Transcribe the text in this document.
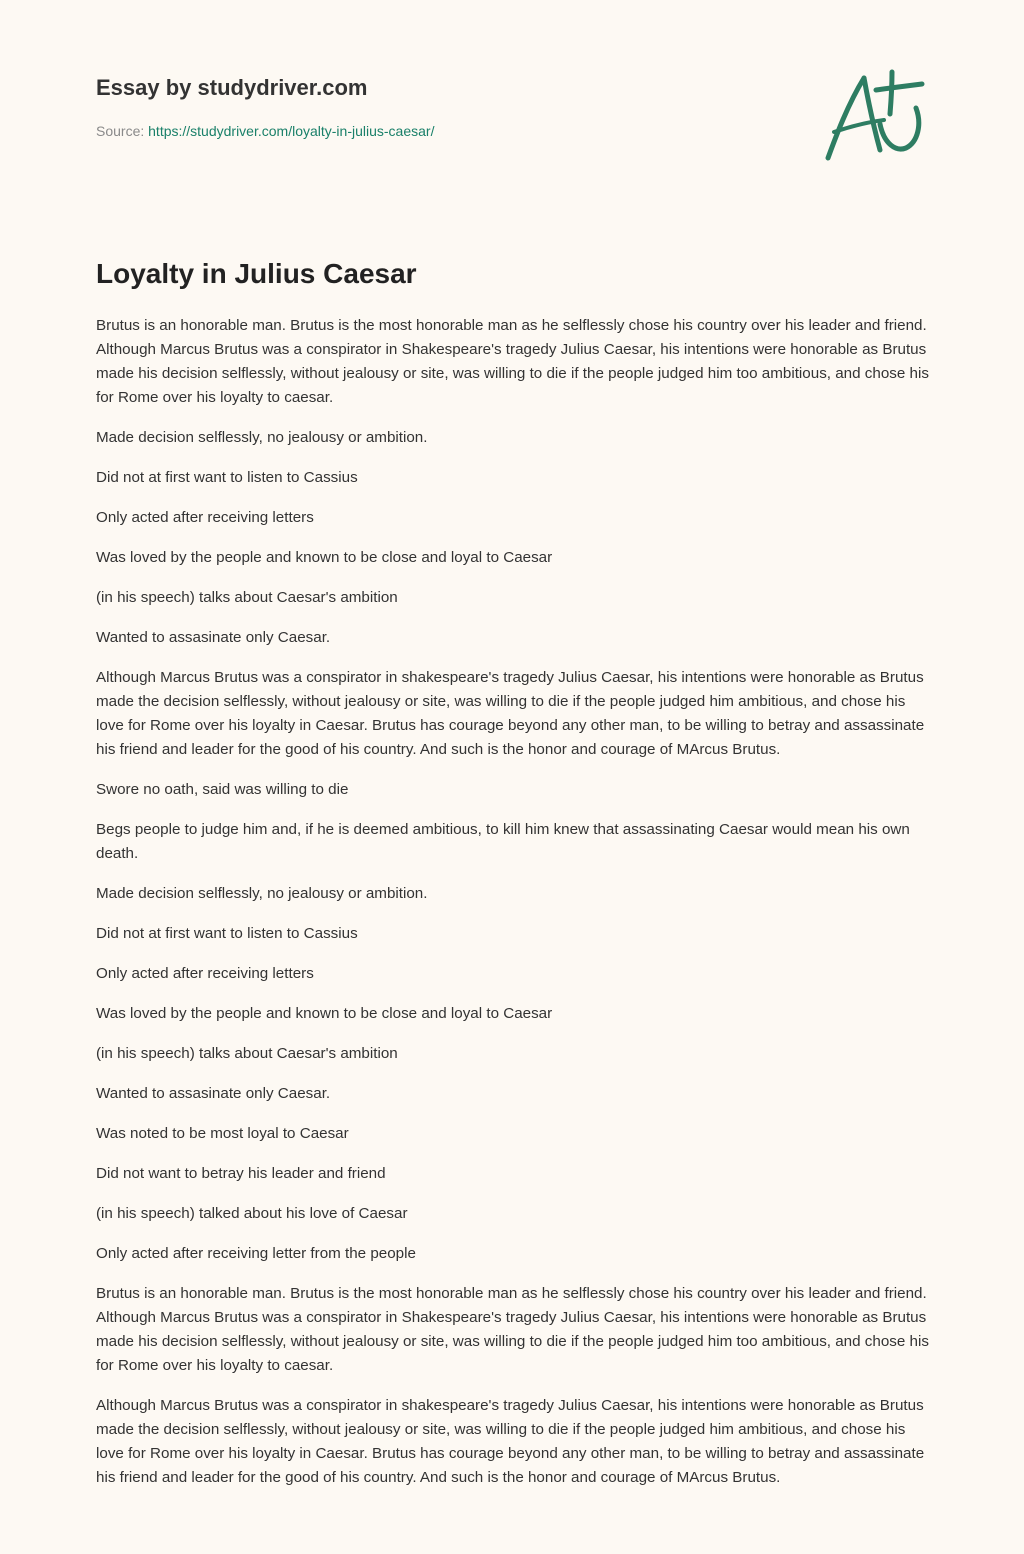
Essay by studydriver.com
Source: https://studydriver.com/loyalty-in-julius-caesar/
Loyalty in Julius Caesar

Brutus is an honorable man. Brutus is the most honorable man as he selflessly chose his country over his leader and friend. Although Marcus Brutus was a conspirator in Shakespeare's tragedy Julius Caesar, his intentions were honorable as Brutus made his decision selflessly, without jealousy or site, was willing to die if the people judged him too ambitious, and chose his for Rome over his loyalty to caesar.

Made decision selflessly, no jealousy or ambition.

Did not at first want to listen to Cassius

Only acted after receiving letters

Was loved by the people and known to be close and loyal to Caesar

(in his speech) talks about Caesar's ambition

Wanted to assasinate only Caesar.

Although Marcus Brutus was a conspirator in shakespeare's tragedy Julius Caesar, his intentions were honorable as Brutus made the decision selflessly, without jealousy or site, was willing to die if the people judged him ambitious, and chose his love for Rome over his loyalty in Caesar. Brutus has courage beyond any other man, to be willing to betray and assassinate his friend and leader for the good of his country. And such is the honor and courage of MArcus Brutus.

Swore no oath, said was willing to die

Begs people to judge him and, if he is deemed ambitious, to kill him knew that assassinating Caesar would mean his own death.

Made decision selflessly, no jealousy or ambition.

Did not at first want to listen to Cassius

Only acted after receiving letters

Was loved by the people and known to be close and loyal to Caesar

(in his speech) talks about Caesar's ambition

Wanted to assasinate only Caesar.

Was noted to be most loyal to Caesar

Did not want to betray his leader and friend

(in his speech) talked about his love of Caesar

Only acted after receiving letter from the people

Brutus is an honorable man. Brutus is the most honorable man as he selflessly chose his country over his leader and friend. Although Marcus Brutus was a conspirator in Shakespeare's tragedy Julius Caesar, his intentions were honorable as Brutus made his decision selflessly, without jealousy or site, was willing to die if the people judged him too ambitious, and chose his for Rome over his loyalty to caesar.

Although Marcus Brutus was a conspirator in shakespeare's tragedy Julius Caesar, his intentions were honorable as Brutus made the decision selflessly, without jealousy or site, was willing to die if the people judged him ambitious, and chose his love for Rome over his loyalty in Caesar. Brutus has courage beyond any other man, to be willing to betray and assassinate his friend and leader for the good of his country. And such is the honor and courage of MArcus Brutus.
